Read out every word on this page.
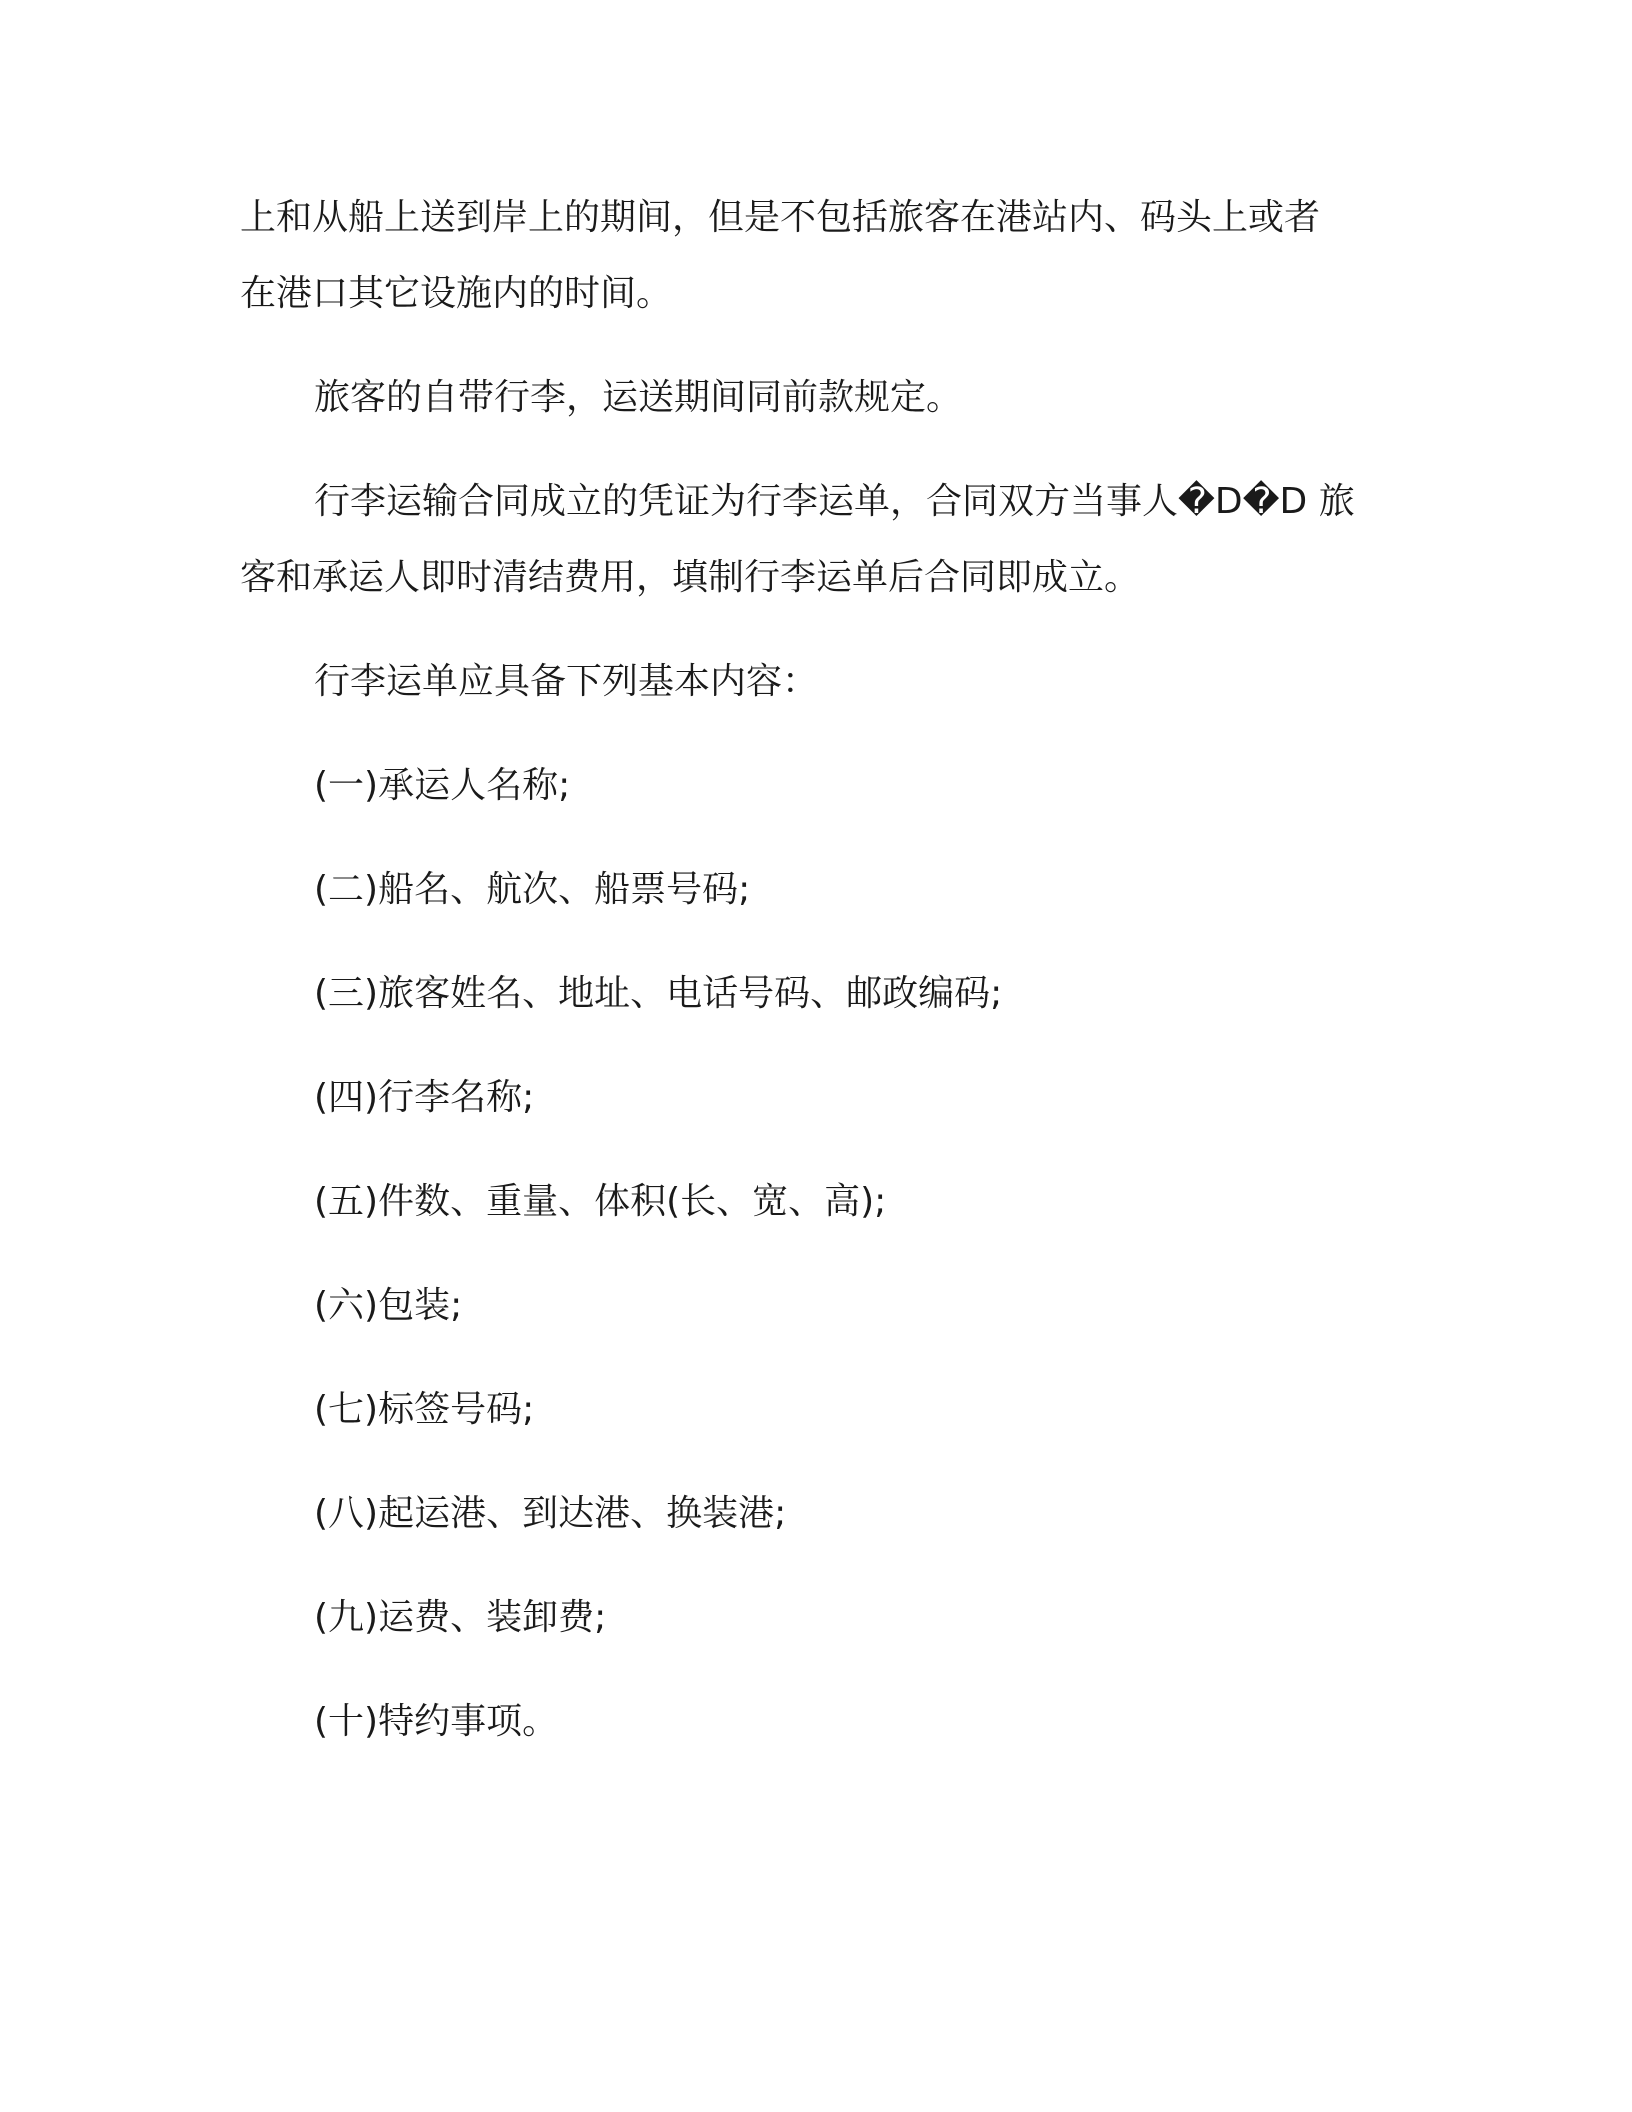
上和从船上送到岸上的期间，但是不包括旅客在港站内、码头上或者
在港口其它设施内的时间。
旅客的自带行李，运送期间同前款规定。
行李运输合同成立的凭证为行李运单，合同双方当事人�D�D 旅
客和承运人即时清结费用，填制行李运单后合同即成立。
行李运单应具备下列基本内容：
(一)承运人名称;
(二)船名、航次、船票号码;
(三)旅客姓名、地址、电话号码、邮政编码;
(四)行李名称;
(五)件数、重量、体积(长、宽、高);
(六)包装;
(七)标签号码;
(八)起运港、到达港、换装港;
(九)运费、装卸费;
(十)特约事项。
